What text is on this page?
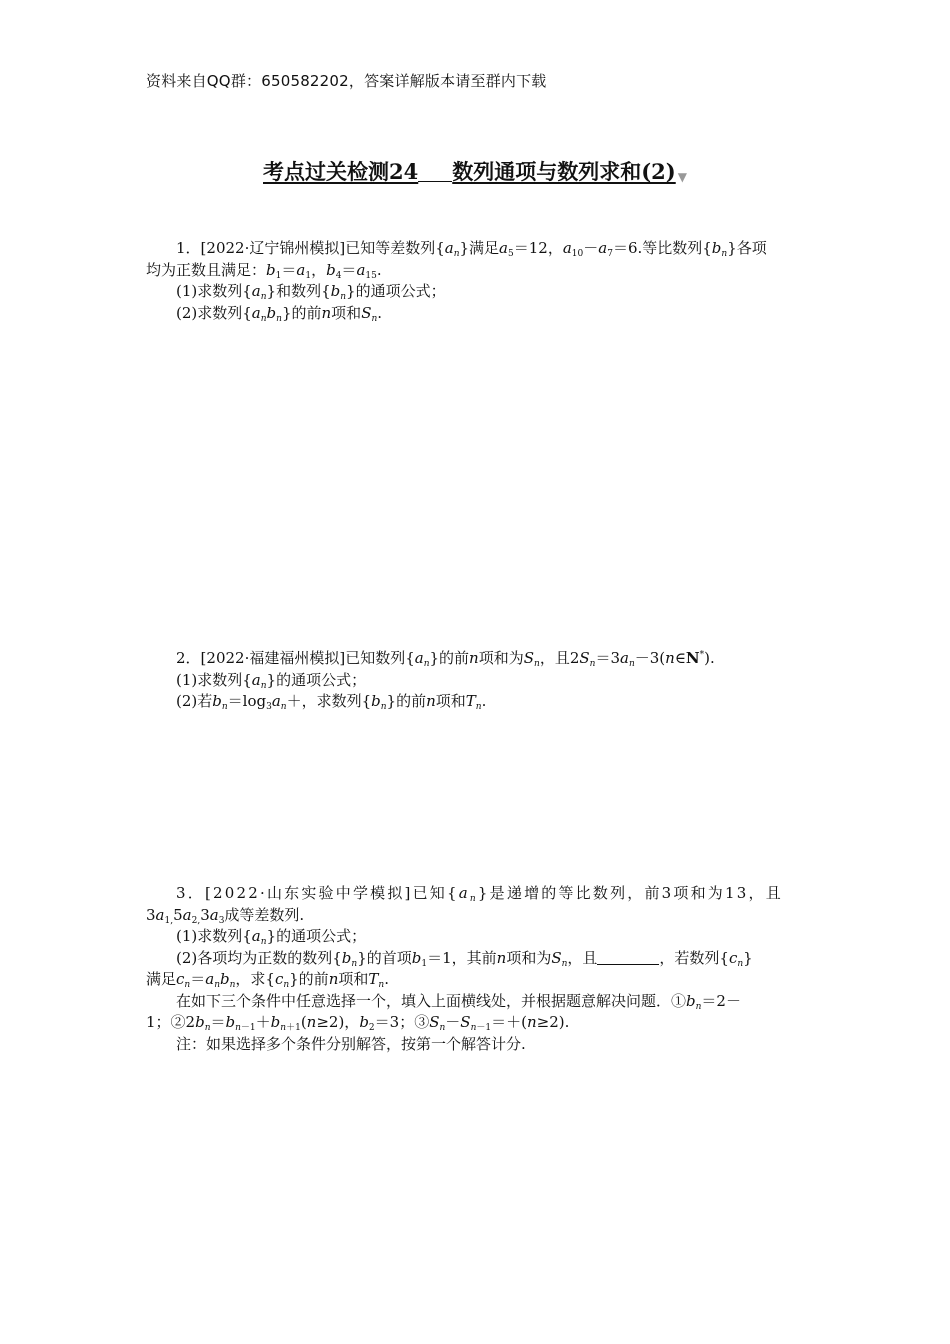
资料来自QQ群：650582202，答案详解版本请至群内下载
考点过关检测24 数列通项与数列求和(2) ▼

1．[2022·辽宁锦州模拟]已知等差数列$\{a_n\}$满足$a_5=12$，$a_{10}-a_7=6$.等比数列$\{b_n\}$各项

均为正数且满足：$b_1=a_1$，$b_4=a_{15}$.

(1)求数列$\{a_n\}$和数列$\{b_n\}$的通项公式；

(2)求数列$\{a_nb_n\}$的前n项和$S_n$.

2．[2022·福建福州模拟]已知数列$\{a_n\}$的前n项和为$S_n$，且$2S_n=3a_n-3(n\in N^*)$.

(1)求数列$\{a_n\}$的通项公式；

(2)若$b_n=\log_3a_n+$，求数列$\{b_n\}$的前n项和$T_n$.

3．[2022·山东实验中学模拟]已知$\{a_n\}$是递增的等比数列，前3项和为13，且

$3a_{1,}5a_{2,}3a_3$成等差数列.

(1)求数列$\{a_n\}$的通项公式；

(2)各项均为正数的数列$\{b_n\}$的首项$b_1=1$，其前n项和为$S_n$，且	，若数列$\{c_n\}$

满足$c_n=a_nb_n$，求$\{c_n\}$的前n项和$T_n$.

在如下三个条件中任意选择一个，填入上面横线处，并根据题意解决问题．$①b_n=2-$

1；$②2b_n=b_{n-1}+b_{n+1}(n\ge 2)$，$b_2=3$；$③S_n-S_{n-1}=+(n\ge 2)$.

注：如果选择多个条件分别解答，按第一个解答计分.
